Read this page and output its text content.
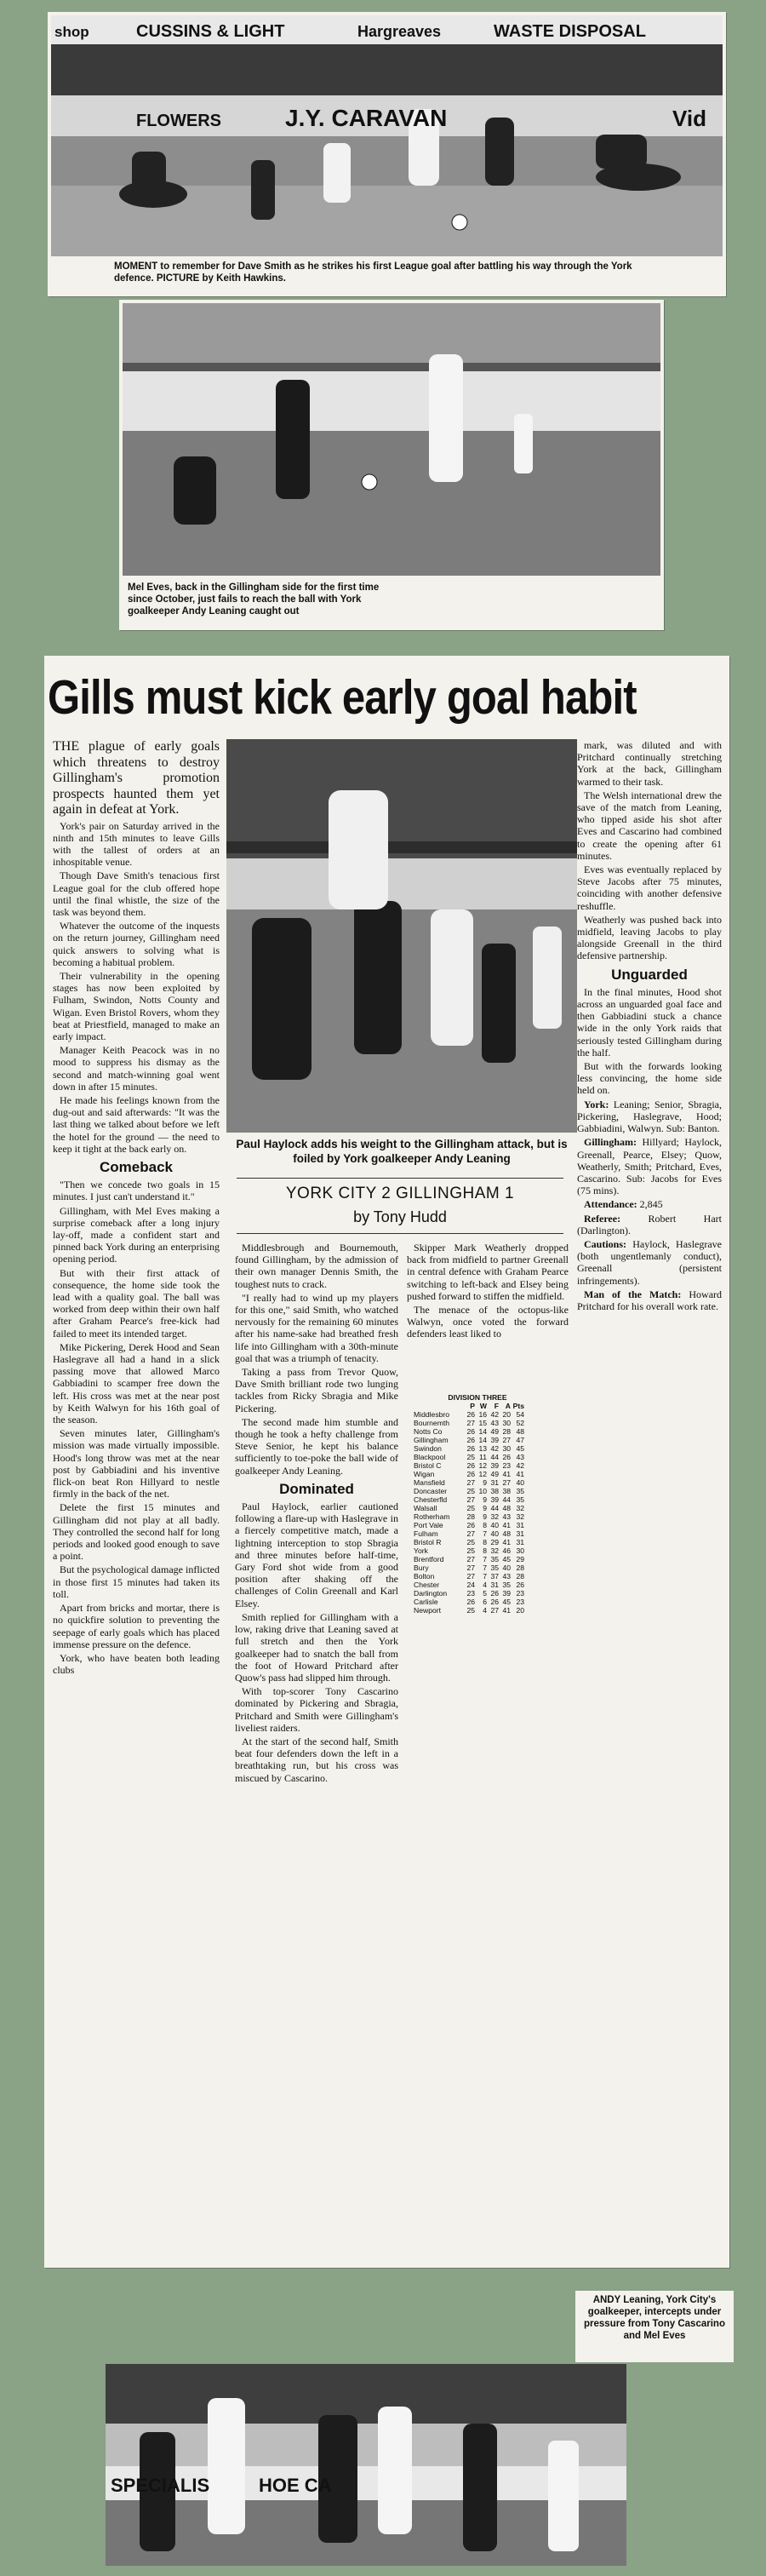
shop	CUSSINS & LIGHT	Hargreaves	WASTE DISPOSAL
FLOWERS	J.Y. CARAVAN	Vid
MOMENT to remember for Dave Smith as he strikes his first League goal after battling his way through the York defence. PICTURE by Keith Hawkins.
Mel Eves, back in the Gillingham side for the first time since October, just fails to reach the ball with York goalkeeper Andy Leaning caught out
Gills must kick early goal habit

THE plague of early goals which threatens to destroy Gillingham's promotion prospects haunted them yet again in defeat at York.

York's pair on Saturday arrived in the ninth and 15th minutes to leave Gills with the tallest of orders at an inhospitable venue.

Though Dave Smith's tenacious first League goal for the club offered hope until the final whistle, the size of the task was beyond them.

Whatever the outcome of the inquests on the return journey, Gillingham need quick answers to solving what is becoming a habitual problem.

Their vulnerability in the opening stages has now been exploited by Fulham, Swindon, Notts County and Wigan. Even Bristol Rovers, whom they beat at Priestfield, managed to make an early impact.

Manager Keith Peacock was in no mood to suppress his dismay as the second and match-winning goal went down in after 15 minutes.

He made his feelings known from the dug-out and said afterwards: "It was the last thing we talked about before we left the hotel for the ground — the need to keep it tight at the back early on.

Comeback

"Then we concede two goals in 15 minutes. I just can't understand it."

Gillingham, with Mel Eves making a surprise comeback after a long injury lay-off, made a confident start and pinned back York during an enterprising opening period.

But with their first attack of consequence, the home side took the lead with a quality goal. The ball was worked from deep within their own half after Graham Pearce's free-kick had failed to meet its intended target.

Mike Pickering, Derek Hood and Sean Haslegrave all had a hand in a slick passing move that allowed Marco Gabbiadini to scamper free down the left. His cross was met at the near post by Keith Walwyn for his 16th goal of the season.

Seven minutes later, Gillingham's mission was made virtually impossible. Hood's long throw was met at the near post by Gabbiadini and his inventive flick-on beat Ron Hillyard to nestle firmly in the back of the net.

Delete the first 15 minutes and Gillingham did not play at all badly. They controlled the second half for long periods and looked good enough to save a point.

But the psychological damage inflicted in those first 15 minutes had taken its toll.

Apart from bricks and mortar, there is no quickfire solution to preventing the seepage of early goals which has placed immense pressure on the defence.

York, who have beaten both leading clubs

Paul Haylock adds his weight to the Gillingham attack, but is foiled by York goalkeeper Andy Leaning
YORK CITY 2 GILLINGHAM 1
by Tony Hudd

Middlesbrough and Bournemouth, found Gillingham, by the admission of their own manager Dennis Smith, the toughest nuts to crack.

"I really had to wind up my players for this one," said Smith, who watched nervously for the remaining 60 minutes after his name-sake had breathed fresh life into Gillingham with a 30th-minute goal that was a triumph of tenacity.

Taking a pass from Trevor Quow, Dave Smith brilliant rode two lunging tackles from Ricky Sbragia and Mike Pickering.

The second made him stumble and though he took a hefty challenge from Steve Senior, he kept his balance sufficiently to toe-poke the ball wide of goalkeeper Andy Leaning.

Dominated

Paul Haylock, earlier cautioned following a flare-up with Haslegrave in a fiercely competitive match, made a lightning interception to stop Sbragia and three minutes before half-time, Gary Ford shot wide from a good position after shaking off the challenges of Colin Greenall and Karl Elsey.

Smith replied for Gillingham with a low, raking drive that Leaning saved at full stretch and then the York goalkeeper had to snatch the ball from the foot of Howard Pritchard after Quow's pass had slipped him through.

With top-scorer Tony Cascarino dominated by Pickering and Sbragia, Pritchard and Smith were Gillingham's liveliest raiders.

At the start of the second half, Smith beat four defenders down the left in a breathtaking run, but his cross was miscued by Cascarino.

Skipper Mark Weatherly dropped back from midfield to partner Greenall in central defence with Graham Pearce switching to left-back and Elsey being pushed forward to stiffen the midfield.

The menace of the octopus-like Walwyn, once voted the forward defenders least liked to

DIVISION THREE
P W	F A Pts
Middlesbro	26 16 42 20 54
Bournemth	27 15 43 30 52
Notts Co	26 14 49 28 48
Gillingham	26 14 39 27 47
Swindon	26 13 42 30 45
Blackpool	25 11 44 26 43
Bristol C	26 12 39 23 42
Wigan	26 12 49 41 41
Mansfield	27	9 31 27 40
Doncaster	25 10 38 38 35
Chesterfld	27	9 39 44 35
Walsall	25	9 44 48 32
Rotherham	28	9 32 43 32
Port Vale	26	8 40 41 31
Fulham	27	7 40 48 31
Bristol R	25	8 29 41 31
York	25	8 32 46 30
Brentford	27	7 35 45 29
Bury	27	7 35 40 28
Bolton	27	7 37 43 28
Chester	24	4 31 35 26
Darlington	23	5 26 39 23
Carlisle	26	6 26 45 23
Newport	25	4 27 41 20

mark, was diluted and with Pritchard continually stretching York at the back, Gillingham warmed to their task.

The Welsh international drew the save of the match from Leaning, who tipped aside his shot after Eves and Cascarino had combined to create the opening after 61 minutes.

Eves was eventually replaced by Steve Jacobs after 75 minutes, coinciding with another defensive reshuffle.

Weatherly was pushed back into midfield, leaving Jacobs to play alongside Greenall in the third defensive partnership.

Unguarded

In the final minutes, Hood shot across an unguarded goal face and then Gabbiadini stuck a chance wide in the only York raids that seriously tested Gillingham during the half.

But with the forwards looking less convincing, the home side held on.

York: Leaning; Senior, Sbragia, Pickering, Haslegrave, Hood; Gabbiadini, Walwyn. Sub: Banton.

Gillingham: Hillyard; Haylock, Greenall, Pearce, Elsey; Quow, Weatherly, Smith; Pritchard, Eves, Cascarino. Sub: Jacobs for Eves (75 mins).

Attendance: 2,845

Referee:	Robert Hart (Darlington).

Cautions: Haylock, Haslegrave (both ungentlemanly conduct), Greenall (persistent infringements).

Man of the Match: Howard Pritchard for his overall work rate.

ANDY Leaning, York City's goalkeeper, intercepts under pressure from Tony Cascarino and Mel Eves
SPECIALIS	HOE CA
